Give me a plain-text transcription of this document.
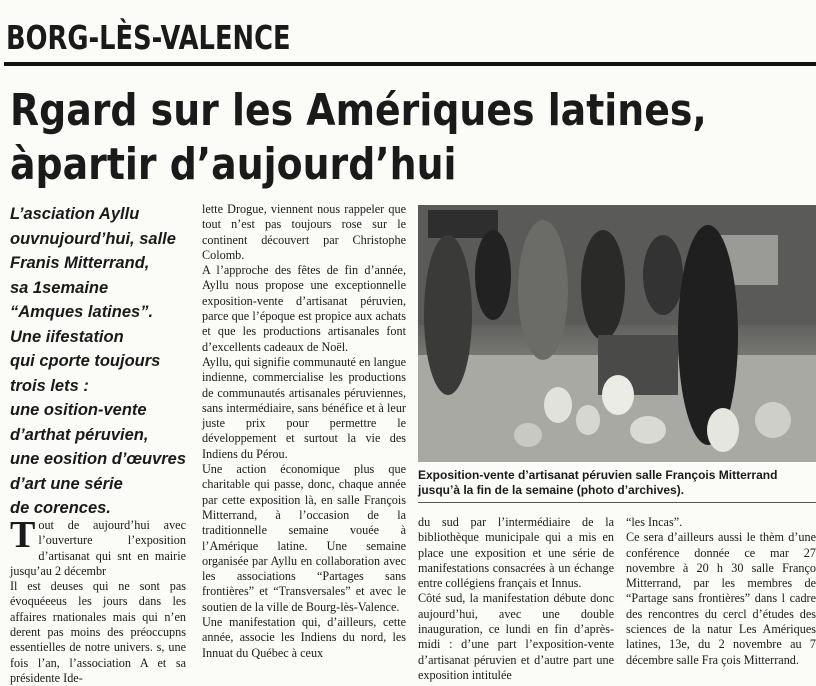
BORG-LÈS-VALENCE
Rgard sur les Amériques latines,
àpartir d’aujourd’hui
L’asciation Ayllu
ouvnujourd’hui, salle
Franis Mitterrand,
sa 1semaine
“Amques latines”.
Une iifestation
qui cporte toujours
trois lets :
une osition-vente
d’arthat péruvien,
une eosition d’œuvres
d’art une série
de corences.

Tout de aujourd’hui avec l’ouverture l’exposition d’artisanat qui snt en mairie jusqu’au 2 décembr

Il est deuses qui ne sont pas évoquéeeus les jours dans les affaires rnationales mais qui n’en derent pas moins des préoccupns essentielles de notre univers. s, une fois l’an, l’association A et sa présidente Ide-

lette Drogue, viennent nous rappeler que tout n’est pas toujours rose sur le continent découvert par Christophe Colomb.

A l’approche des fêtes de fin d’année, Ayllu nous propose une exceptionnelle exposition-vente d’artisanat péruvien, parce que l’époque est propice aux achats et que les productions artisanales font d’excellents cadeaux de Noël.

Ayllu, qui signifie communauté en langue indienne, commercialise les productions de communautés artisanales péruviennes, sans intermédiaire, sans bénéfice et à leur juste prix pour permettre le développement et surtout la vie des Indiens du Pérou.

Une action économique plus que charitable qui passe, donc, chaque année par cette exposition là, en salle François Mitterrand, à l’occasion de la traditionnelle semaine vouée à l’Amérique latine. Une semaine organisée par Ayllu en collaboration avec les associations “Partages sans frontières” et “Transversales” et avec le soutien de la ville de Bourg-lès-Valence.

Une manifestation qui, d’ailleurs, cette année, associe les Indiens du nord, les Innuat du Québec à ceux

Exposition-vente d’artisanat péruvien salle François Mitterrand jusqu’à la fin de la semaine (photo d’archives).

du sud par l’intermédiaire de la bibliothèque municipale qui a mis en place une exposition et une série de manifestations consacrées à un échange entre collégiens français et Innus.

Côté sud, la manifestation débute donc aujourd’hui, avec une double inauguration, ce lundi en fin d’après-midi : d’une part l’exposition-vente d’artisanat péruvien et d’autre part une exposition intitulée

“les Incas”.

Ce sera d’ailleurs aussi le thèm d’une conférence donnée ce mar 27 novembre à 20 h 30 salle Franço Mitterrand, par les membres de “Partage sans frontières” dans l cadre des rencontres du cercl d’études des sciences de la natur Les Amériques latines, 13e, du 2 novembre au 7 décembre salle Fra çois Mitterrand.
